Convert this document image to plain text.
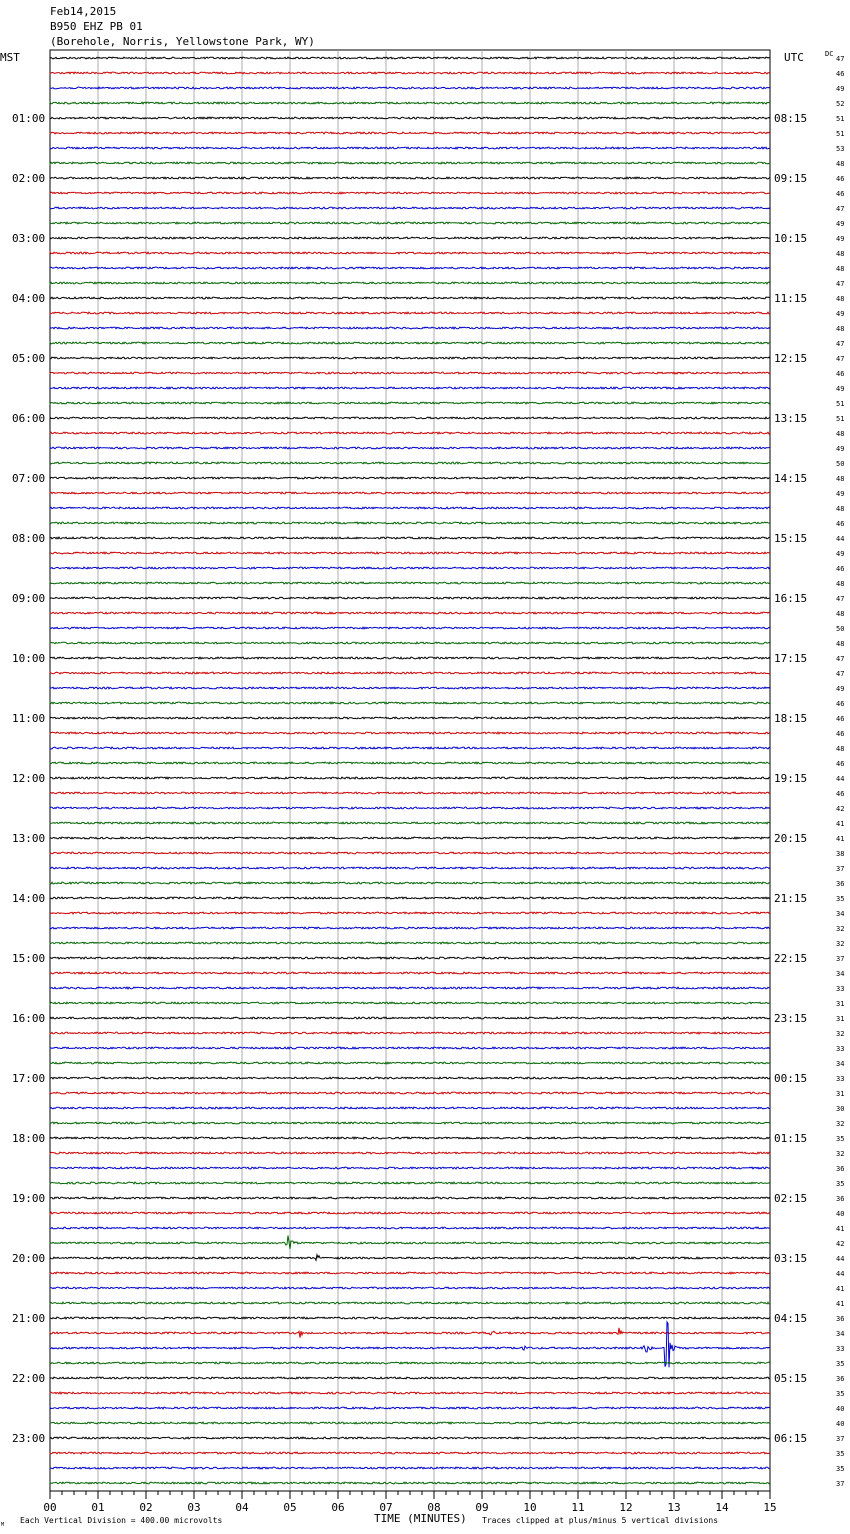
Feb14,2015
B950 EHZ PB 01
(Borehole, Norris, Yellowstone Park, WY)
MST	UTC	DC
01:00
02:00
03:00
04:00
05:00
06:00
07:00
08:00
09:00
10:00
11:00
12:00
13:00
14:00
15:00
16:00
17:00
18:00
19:00
20:00
21:00
22:00
23:00
08:15
09:15
10:15
11:15
12:15
13:15
14:15
15:15
16:15
17:15
18:15
19:15
20:15
21:15
22:15
23:15
00:15
01:15
02:15
03:15
04:15
05:15
06:15
47
46
49
52
51
51
53
48
46
46
47
49
49
48
48
47
48
49
48
47
47
46
49
51
51
48
49
50
48
49
48
46
44
49
46
48
47
48
50
48
47
47
49
46
46
46
48
46
44
46
42
41
41
38
37
36
35
34
32
32
37
34
33
31
31
32
33
34
33
31
30
32
35
32
36
35
36
40
41
42
44
44
41
41
36
34
33
35
36
35
40
40
37
35
35
37
00	01	02	03	04	05	06	07	08	09	10	11	12	13	14	15
TIME (MINUTES)
Each Vertical Division = 400.00 microvolts	Traces clipped at plus/minus 5 vertical divisions
M
